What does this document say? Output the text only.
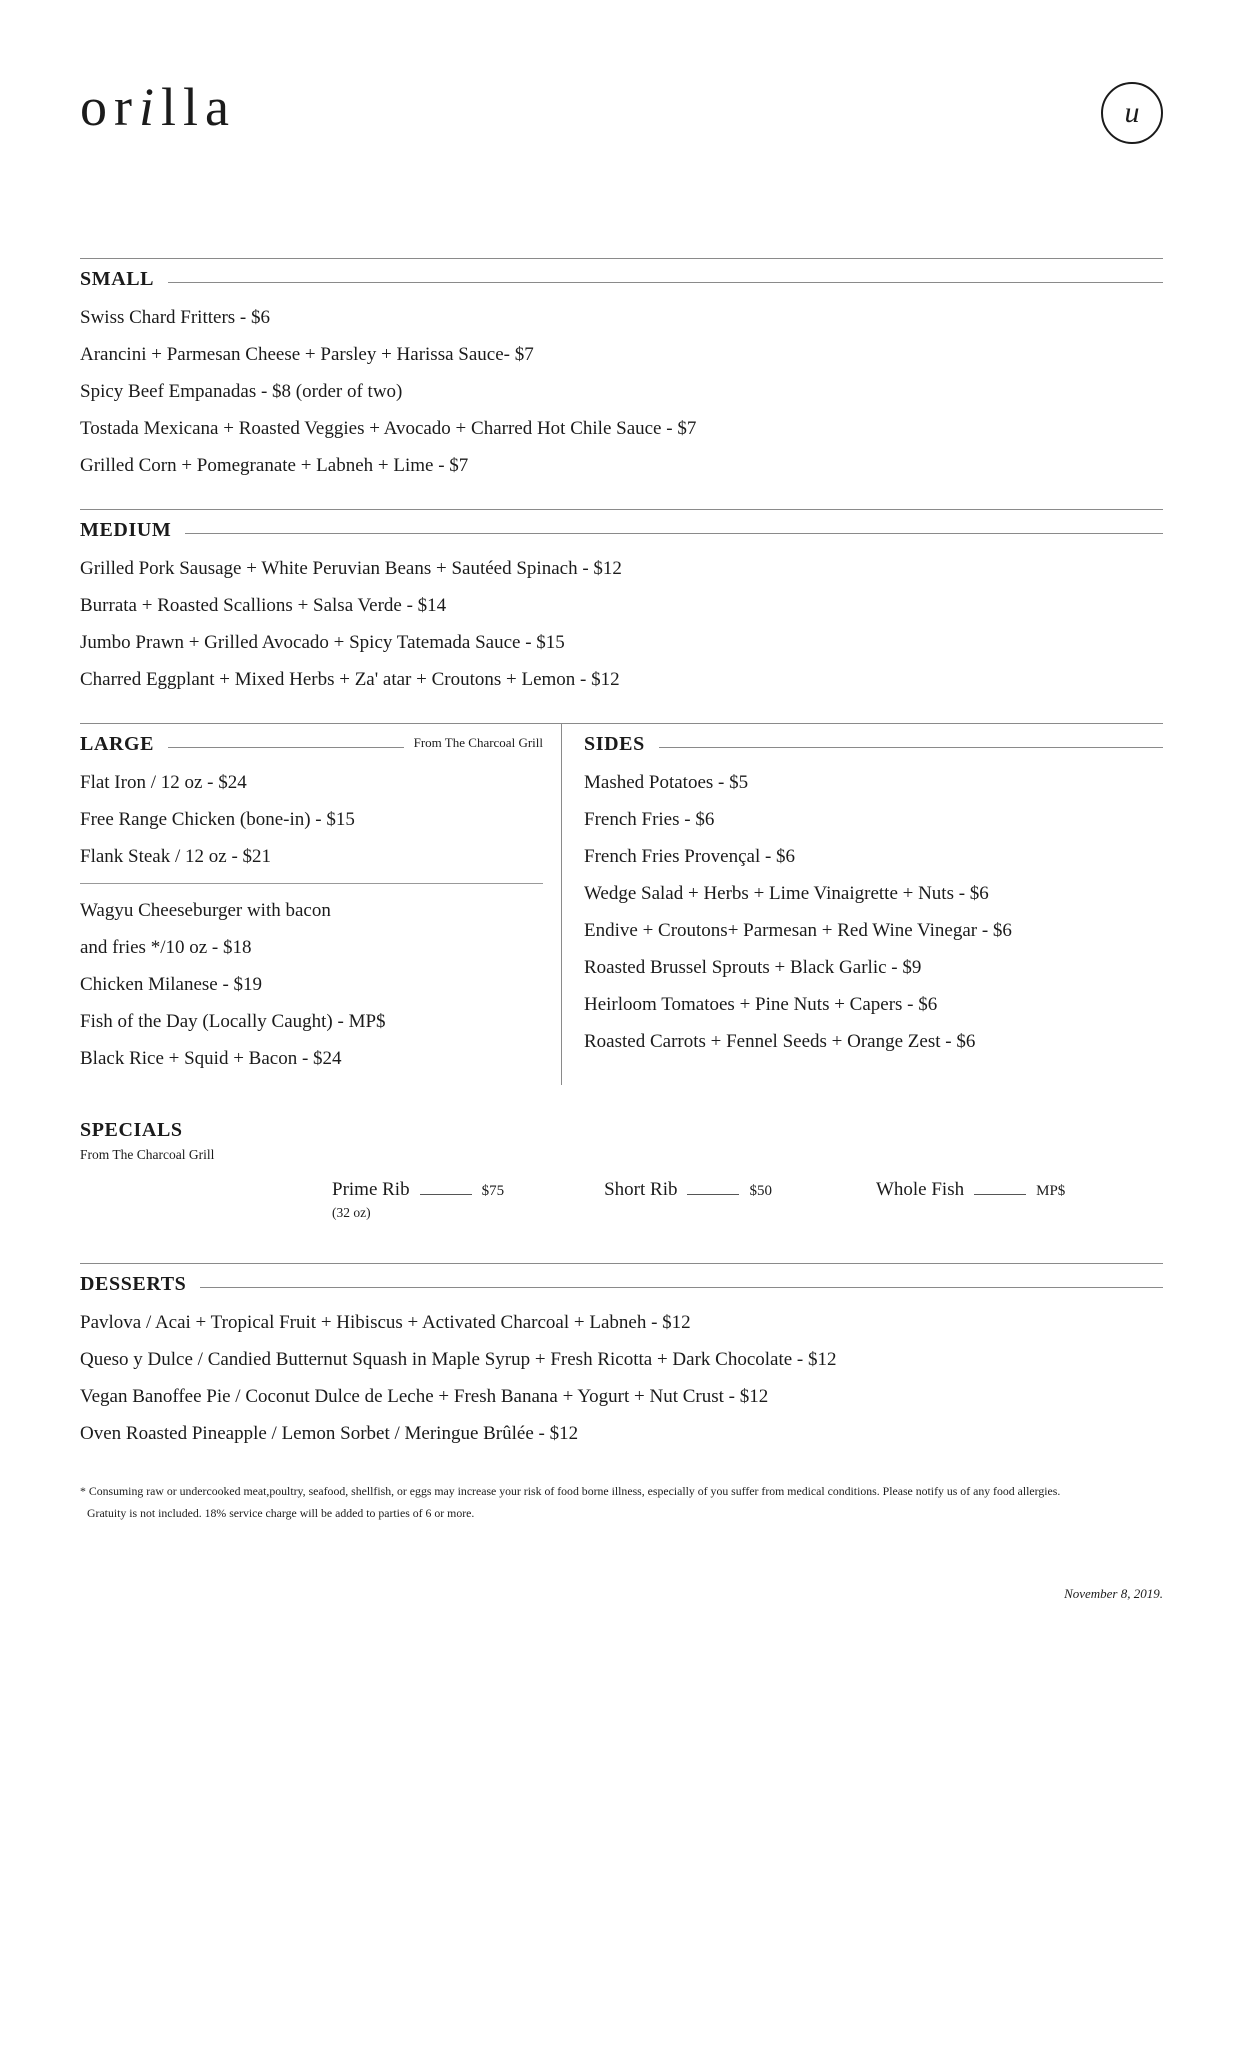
orilla	u
SMALL

Swiss Chard Fritters - $6

Arancini + Parmesan Cheese + Parsley + Harissa Sauce- $7

Spicy Beef Empanadas - $8 (order of two)

Tostada Mexicana + Roasted Veggies + Avocado + Charred Hot Chile Sauce - $7

Grilled Corn + Pomegranate + Labneh + Lime - $7

MEDIUM

Grilled Pork Sausage + White Peruvian Beans + Sautéed Spinach - $12

Burrata + Roasted Scallions + Salsa Verde - $14

Jumbo Prawn + Grilled Avocado + Spicy Tatemada Sauce - $15

Charred Eggplant + Mixed Herbs + Za' atar + Croutons + Lemon - $12

LARGE	From The Charcoal Grill

Flat Iron / 12 oz - $24

Free Range Chicken (bone-in) - $15

Flank Steak / 12 oz - $21

Wagyu Cheeseburger with bacon

and fries */10 oz - $18

Chicken Milanese - $19

Fish of the Day (Locally Caught) - MP$

Black Rice + Squid + Bacon - $24

SIDES

Mashed Potatoes - $5

French Fries - $6

French Fries Provençal - $6

Wedge Salad + Herbs + Lime Vinaigrette + Nuts - $6

Endive + Croutons+ Parmesan + Red Wine Vinegar - $6

Roasted Brussel Sprouts + Black Garlic - $9

Heirloom Tomatoes + Pine Nuts + Capers - $6

Roasted Carrots + Fennel Seeds + Orange Zest - $6

SPECIALS
From The Charcoal Grill
Prime Rib	$75
(32 oz)
Short Rib	$50	Whole Fish	MP$
DESSERTS

Pavlova / Acai + Tropical Fruit + Hibiscus + Activated Charcoal + Labneh - $12

Queso y Dulce / Candied Butternut Squash in Maple Syrup + Fresh Ricotta + Dark Chocolate - $12

Vegan Banoffee Pie / Coconut Dulce de Leche + Fresh Banana + Yogurt + Nut Crust - $12

Oven Roasted Pineapple / Lemon Sorbet / Meringue Brûlée - $12

* Consuming raw or undercooked meat,poultry, seafood, shellfish, or eggs may increase your risk of food borne illness, especially of you suffer from medical conditions. Please notify us of any food allergies.

Gratuity is not included. 18% service charge will be added to parties of 6 or more.

November 8, 2019.
